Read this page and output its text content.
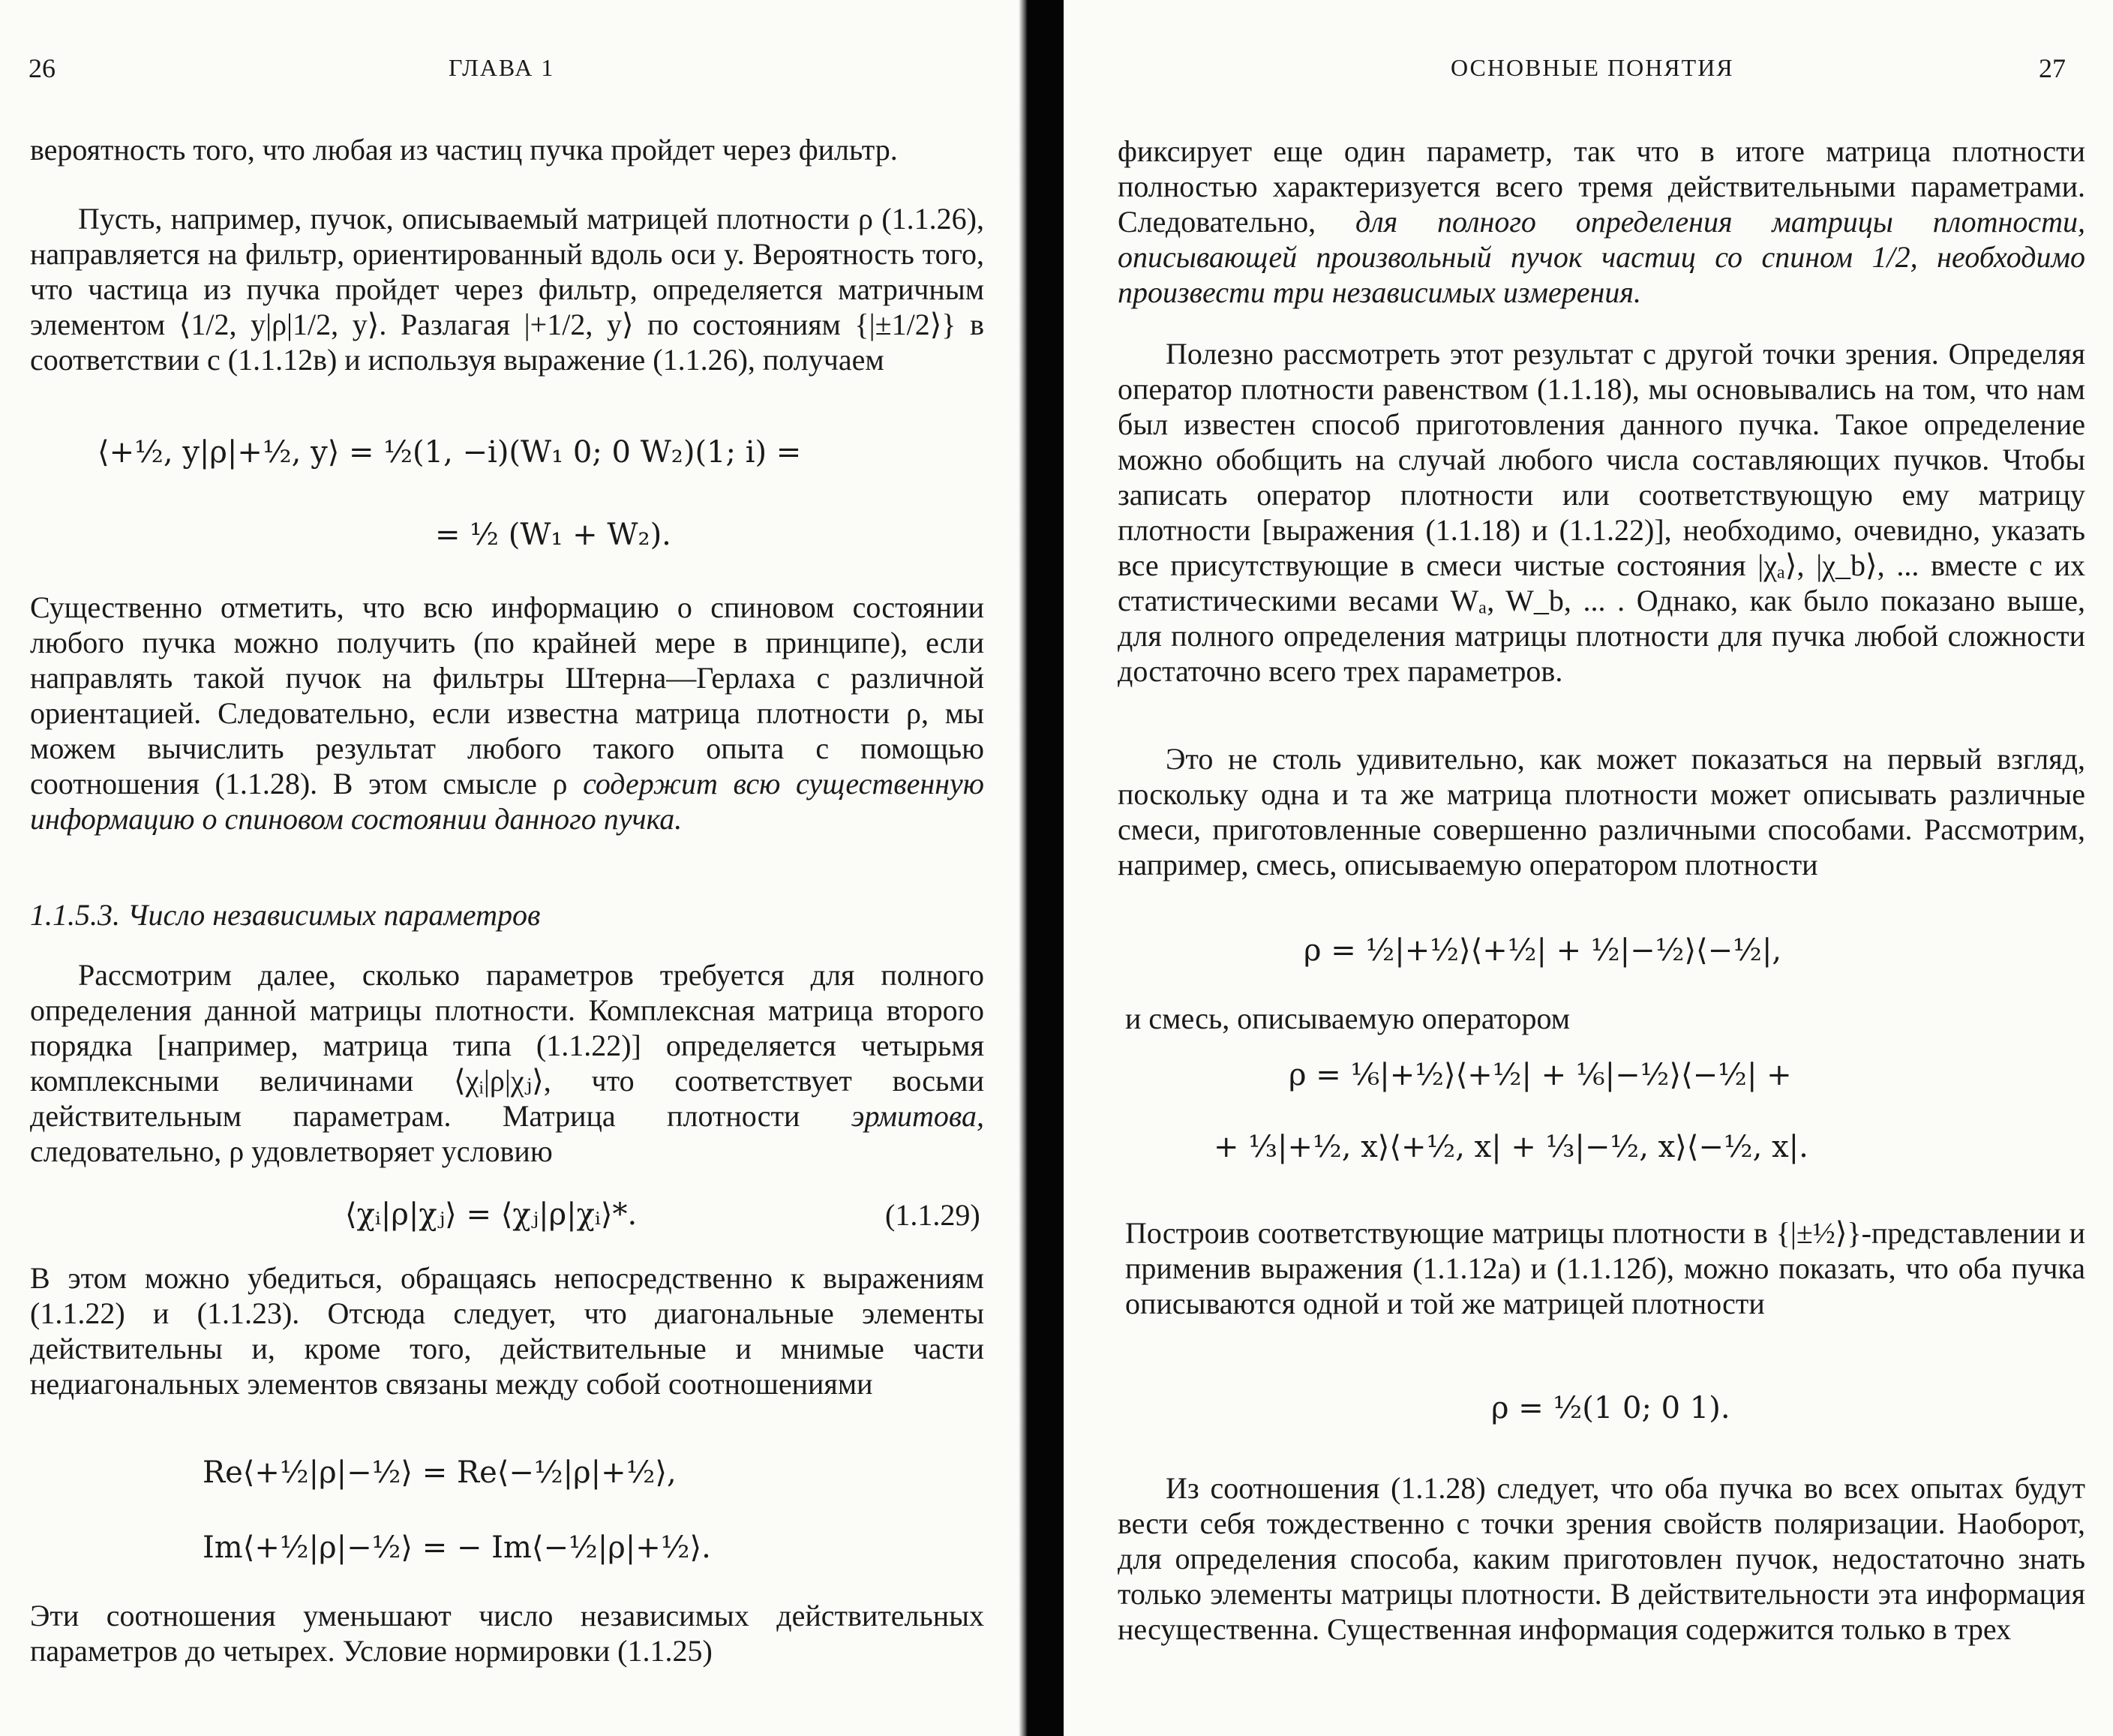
26	ГЛАВА 1
вероятность того, что любая из частиц пучка пройдет через фильтр.
Пусть, например, пучок, описываемый матрицей плотности ρ (1.1.26), направляется на фильтр, ориентированный вдоль оси y. Вероятность того, что частица из пучка пройдет через фильтр, определяется матричным элементом ⟨1/2, y|ρ|1/2, y⟩. Разлагая |+1/2, y⟩ по состояниям {|±1/2⟩} в соответствии с (1.1.12в) и используя выражение (1.1.26), получаем
⟨+½, y|ρ|+½, y⟩ = ½(1, −i)(W₁ 0; 0 W₂)(1; i) =
= ½ (W₁ + W₂).
Существенно отметить, что всю информацию о спиновом состоянии любого пучка можно получить (по крайней мере в принципе), если направлять такой пучок на фильтры Штерна—Герлаха с различной ориентацией. Следовательно, если известна матрица плотности ρ, мы можем вычислить результат любого такого опыта с помощью соотношения (1.1.28). В этом смысле ρ содержит всю существенную информацию о спиновом состоянии данного пучка.
1.1.5.3. Число независимых параметров
Рассмотрим далее, сколько параметров требуется для полного определения данной матрицы плотности. Комплексная матрица второго порядка [например, матрица типа (1.1.22)] определяется четырьмя комплексными величинами ⟨χᵢ|ρ|χⱼ⟩, что соответствует восьми действительным параметрам. Матрица плотности эрмитова, следовательно, ρ удовлетворяет условию
⟨χᵢ|ρ|χⱼ⟩ = ⟨χⱼ|ρ|χᵢ⟩*.	(1.1.29)
В этом можно убедиться, обращаясь непосредственно к выражениям (1.1.22) и (1.1.23). Отсюда следует, что диагональные элементы действительны и, кроме того, действительные и мнимые части недиагональных элементов связаны между собой соотношениями
Re⟨+½|ρ|−½⟩ = Re⟨−½|ρ|+½⟩,
Im⟨+½|ρ|−½⟩ = − Im⟨−½|ρ|+½⟩.
Эти соотношения уменьшают число независимых действительных параметров до четырех. Условие нормировки (1.1.25)
ОСНОВНЫЕ ПОНЯТИЯ	27
фиксирует еще один параметр, так что в итоге матрица плотности полностью характеризуется всего тремя действительными параметрами. Следовательно, для полного определения матрицы плотности, описывающей произвольный пучок частиц со спином 1/2, необходимо произвести три независимых измерения.
Полезно рассмотреть этот результат с другой точки зрения. Определяя оператор плотности равенством (1.1.18), мы основывались на том, что нам был известен способ приготовления данного пучка. Такое определение можно обобщить на случай любого числа составляющих пучков. Чтобы записать оператор плотности или соответствующую ему матрицу плотности [выражения (1.1.18) и (1.1.22)], необходимо, очевидно, указать все присутствующие в смеси чистые состояния |χₐ⟩, |χ_b⟩, ... вместе с их статистическими весами Wₐ, W_b, ... . Однако, как было показано выше, для полного определения матрицы плотности для пучка любой сложности достаточно всего трех параметров.
Это не столь удивительно, как может показаться на первый взгляд, поскольку одна и та же матрица плотности может описывать различные смеси, приготовленные совершенно различными способами. Рассмотрим, например, смесь, описываемую оператором плотности
ρ = ½|+½⟩⟨+½| + ½|−½⟩⟨−½|,
и смесь, описываемую оператором
ρ = ⅙|+½⟩⟨+½| + ⅙|−½⟩⟨−½| +
+ ⅓|+½, x⟩⟨+½, x| + ⅓|−½, x⟩⟨−½, x|.
Построив соответствующие матрицы плотности в {|±½⟩}-представлении и применив выражения (1.1.12а) и (1.1.12б), можно показать, что оба пучка описываются одной и той же матрицей плотности
ρ = ½(1 0; 0 1).
Из соотношения (1.1.28) следует, что оба пучка во всех опытах будут вести себя тождественно с точки зрения свойств поляризации. Наоборот, для определения способа, каким приготовлен пучок, недостаточно знать только элементы матрицы плотности. В действительности эта информация несущественна. Существенная информация содержится только в трех
